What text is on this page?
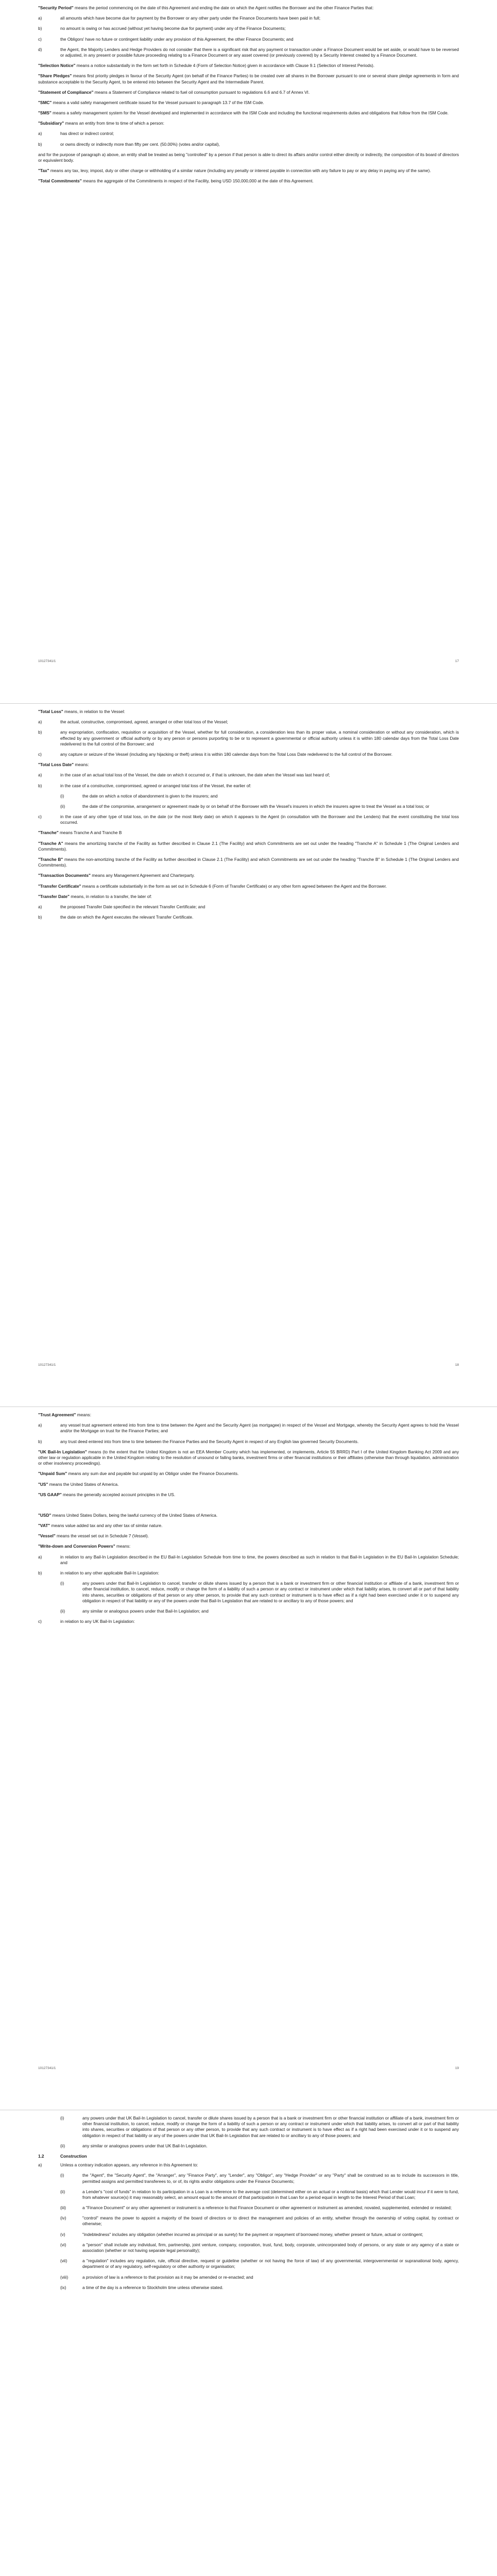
"Security Period" means the period commencing on the date of this Agreement and ending the date on which the Agent notifies the Borrower and the other Finance Parties that:
a)	all amounts which have become due for payment by the Borrower or any other party under the Finance Documents have been paid in full;
b)	no amount is owing or has accrued (without yet having become due for payment) under any of the Finance Documents;
c)	the Obligors' have no future or contingent liability under any provision of this Agreement, the other Finance Documents; and
d)	the Agent, the Majority Lenders and Hedge Providers do not consider that there is a significant risk that any payment or transaction under a Finance Document would be set aside, or would have to be reversed or adjusted, in any present or possible future proceeding relating to a Finance Document or any asset covered (or previously covered) by a Security Interest created by a Finance Document.
"Selection Notice" means a notice substantially in the form set forth in Schedule 4 (Form of Selection Notice) given in accordance with Clause 9.1 (Selection of Interest Periods).
"Share Pledges" means first priority pledges in favour of the Security Agent (on behalf of the Finance Parties) to be created over all shares in the Borrower pursuant to one or several share pledge agreements in form and substance acceptable to the Security Agent, to be entered into between the Security Agent and the Intermediate Parent.
"Statement of Compliance" means a Statement of Compliance related to fuel oil consumption pursuant to regulations 6.6 and 6.7 of Annex VI.
"SMC" means a valid safety management certificate issued for the Vessel pursuant to paragraph 13.7 of the ISM Code.
"SMS" means a safety management system for the Vessel developed and implemented in accordance with the ISM Code and including the functional requirements duties and obligations that follow from the ISM Code.
"Subsidiary" means an entity from time to time of which a person:
a)	has direct or indirect control;
b)	or owns directly or indirectly more than fifty per cent. (50.00%) (votes and/or capital),
and for the purpose of paragraph a) above, an entity shall be treated as being "controlled" by a person if that person is able to direct its affairs and/or control either directly or indirectly, the composition of its board of directors or equivalent body.
"Tax" means any tax, levy, impost, duty or other charge or withholding of a similar nature (including any penalty or interest payable in connection with any failure to pay or any delay in paying any of the same).
"Total Commitments" means the aggregate of the Commitments in respect of the Facility, being USD 150,000,000 at the date of this Agreement.
10127341/1	17
"Total Loss" means, in relation to the Vessel:
a)	the actual, constructive, compromised, agreed, arranged or other total loss of the Vessel;
b)	any expropriation, confiscation, requisition or acquisition of the Vessel, whether for full consideration, a consideration less than its proper value, a nominal consideration or without any consideration, which is effected by any government or official authority or by any person or persons purporting to be or to represent a governmental or official authority unless it is within 180 calendar days from the Total Loss Date redelivered to the full control of the Borrower; and
c)	any capture or seizure of the Vessel (including any hijacking or theft) unless it is within 180 calendar days from the Total Loss Date redelivered to the full control of the Borrower.
"Total Loss Date" means:
a)	in the case of an actual total loss of the Vessel, the date on which it occurred or, if that is unknown, the date when the Vessel was last heard of;
b)	in the case of a constructive, compromised, agreed or arranged total loss of the Vessel, the earlier of:
(i)	the date on which a notice of abandonment is given to the insurers; and
(ii)	the date of the compromise, arrangement or agreement made by or on behalf of the Borrower with the Vessel's insurers in which the insurers agree to treat the Vessel as a total loss; or
c)	in the case of any other type of total loss, on the date (or the most likely date) on which it appears to the Agent (in consultation with the Borrower and the Lenders) that the event constituting the total loss occurred.
"Tranche" means Tranche A and Tranche B
"Tranche A" means the amortizing tranche of the Facility as further described in Clause 2.1 (The Facility) and which Commitments are set out under the heading "Tranche A" in Schedule 1 (The Original Lenders and Commitments).
"Tranche B" means the non-amortizing tranche of the Facility as further described in Clause 2.1 (The Facility) and which Commitments are set out under the heading "Tranche B" in Schedule 1 (The Original Lenders and Commitments).
"Transaction Documents" means any Management Agreement and Charterparty.
"Transfer Certificate" means a certificate substantially in the form as set out in Schedule 6 (Form of Transfer Certificate) or any other form agreed between the Agent and the Borrower.
"Transfer Date" means, in relation to a transfer, the later of:
a)	the proposed Transfer Date specified in the relevant Transfer Certificate; and
b)	the date on which the Agent executes the relevant Transfer Certificate.
10127341/1	18
"Trust Agreement" means:
a)	any vessel trust agreement entered into from time to time between the Agent and the Security Agent (as mortgagee) in respect of the Vessel and Mortgage, whereby the Security Agent agrees to hold the Vessel and/or the Mortgage on trust for the Finance Parties; and
b)	any trust deed entered into from time to time between the Finance Parties and the Security Agent in respect of any English law governed Security Documents.
"UK Bail-In Legislation" means (to the extent that the United Kingdom is not an EEA Member Country which has implemented, or implements, Article 55 BRRD) Part I of the United Kingdom Banking Act 2009 and any other law or regulation applicable in the United Kingdom relating to the resolution of unsound or failing banks, investment firms or other financial institutions or their affiliates (otherwise than through liquidation, administration or other insolvency proceedings).
"Unpaid Sum" means any sum due and payable but unpaid by an Obligor under the Finance Documents.
"US" means the United States of America.
"US GAAP" means the generally accepted account principles in the US.
"USD" means United States Dollars, being the lawful currency of the United States of America.
"VAT" means value added tax and any other tax of similar nature.
"Vessel" means the vessel set out in Schedule 7 (Vessel).
"Write-down and Conversion Powers" means:
a)	in relation to any Bail-In Legislation described in the EU Bail-In Legislation Schedule from time to time, the powers described as such in relation to that Bail-In Legislation in the EU Bail-In Legislation Schedule; and
b)	in relation to any other applicable Bail-In Legislation:
(i)	any powers under that Bail-In Legislation to cancel, transfer or dilute shares issued by a person that is a bank or investment firm or other financial institution or affiliate of a bank, investment firm or other financial institution, to cancel, reduce, modify or change the form of a liability of such a person or any contract or instrument under which that liability arises, to convert all or part of that liability into shares, securities or obligations of that person or any other person, to provide that any such contract or instrument is to have effect as if a right had been exercised under it or to suspend any obligation in respect of that liability or any of the powers under that Bail-In Legislation that are related to or ancillary to any of those powers; and
(ii)	any similar or analogous powers under that Bail-In Legislation; and
c)	in relation to any UK Bail-In Legislation:
10127341/1	19
(i)	any powers under that UK Bail-In Legislation to cancel, transfer or dilute shares issued by a person that is a bank or investment firm or other financial institution or affiliate of a bank, investment firm or other financial institution, to cancel, reduce, modify or change the form of a liability of such a person or any contract or instrument under which that liability arises, to convert all or part of that liability into shares, securities or obligations of that person or any other person, to provide that any such contract or instrument is to have effect as if a right had been exercised under it or to suspend any obligation in respect of that liability or any of the powers under that UK Bail-In Legislation that are related to or ancillary to any of those powers; and
(ii)	any similar or analogous powers under that UK Bail-In Legislation.
1.2	Construction
a)	Unless a contrary indication appears, any reference in this Agreement to:
(i)	the "Agent", the "Security Agent", the "Arranger", any "Finance Party", any "Lender", any "Obligor", any "Hedge Provider" or any "Party" shall be construed so as to include its successors in title, permitted assigns and permitted transferees to, or of, its rights and/or obligations under the Finance Documents;
(ii)	a Lender's "cost of funds" in relation to its participation in a Loan is a reference to the average cost (determined either on an actual or a notional basis) which that Lender would incur if it were to fund, from whatever source(s) it may reasonably select, an amount equal to the amount of that participation in that Loan for a period equal in length to the Interest Period of that Loan;
(iii)	a "Finance Document" or any other agreement or instrument is a reference to that Finance Document or other agreement or instrument as amended, novated, supplemented, extended or restated;
(iv)	"control" means the power to appoint a majority of the board of directors or to direct the management and policies of an entity, whether through the ownership of voting capital, by contract or otherwise;
(v)	"indebtedness" includes any obligation (whether incurred as principal or as surety) for the payment or repayment of borrowed money, whether present or future, actual or contingent;
(vi)	a "person" shall include any individual, firm, partnership, joint venture, company, corporation, trust, fund, body, corporate, unincorporated body of persons, or any state or any agency of a state or association (whether or not having separate legal personality);
(vii)	a "regulation" includes any regulation, rule, official directive, request or guideline (whether or not having the force of law) of any governmental, intergovernmental or supranational body, agency, department or of any regulatory, self-regulatory or other authority or organisation;
(viii)	a provision of law is a reference to that provision as it may be amended or re-enacted; and
(ix)	a time of the day is a reference to Stockholm time unless otherwise stated.
